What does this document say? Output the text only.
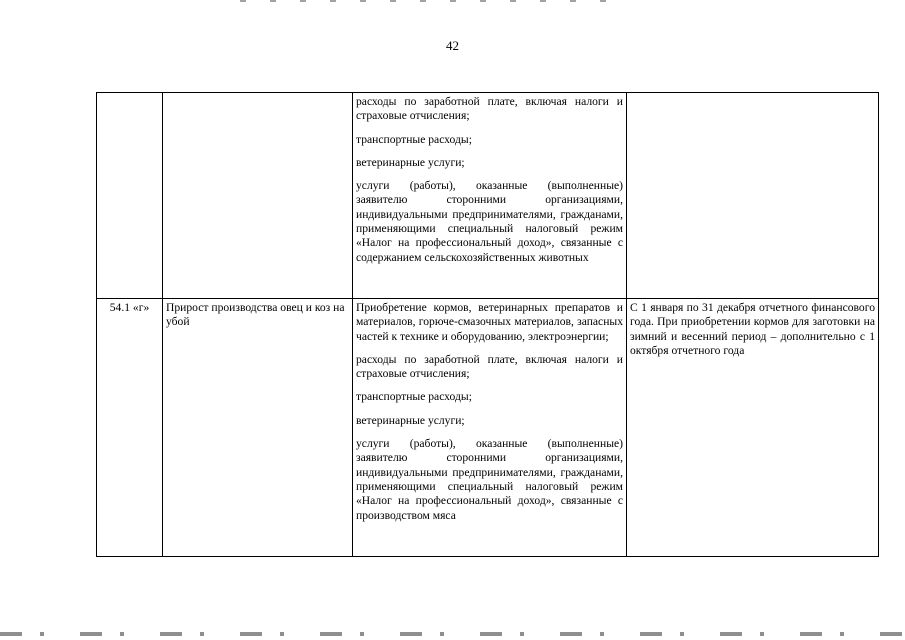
42

		расходы по заработной плате, включая налоги и страховые отчисления;
транспортные расходы;
ветеринарные услуги;
услуги (работы), оказанные (выполненные) заявителю сторонними организациями, индивидуальными предпринимателями, гражданами, применяющими специальный налоговый режим «Налог на профессиональный доход», связанные с содержанием сельскохозяйственных животных	

54.1 «г»	Прирост производства овец и коз на убой	Приобретение кормов, ветеринарных препаратов и материалов, горюче-смазочных материалов, запасных частей к технике и оборудованию, электроэнергии;
расходы по заработной плате, включая налоги и страховые отчисления;
транспортные расходы;
ветеринарные услуги;
услуги (работы), оказанные (выполненные) заявителю сторонними организациями, индивидуальными предпринимателями, гражданами, применяющими специальный налоговый режим «Налог на профессиональный доход», связанные с производством мяса	С 1 января по 31 декабря отчетного финансового года. При приобретении кормов для заготовки на зимний и весенний период – дополнительно с 1 октября отчетного года
